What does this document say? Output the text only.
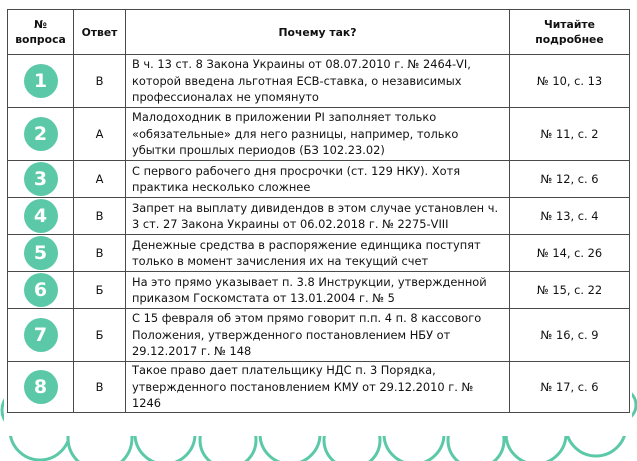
№ вопроса	Ответ	Почему так?	Читайте подробнее
1	В	В ч. 13 ст. 8 Закона Украины от 08.07.2010 г. № 2464-VI, которой введена льготная ЕСВ-ставка, о независимых профессионалах не упомянуто	№ 10, с. 13
2	А	Малодоходник в приложении РІ заполняет только «обязательные» для него разницы, например, только убытки прошлых периодов (БЗ 102.23.02)	№ 11, с. 2
3	А	С первого рабочего дня просрочки (ст. 129 НКУ). Хотя практика несколько сложнее	№ 12, с. 6
4	В	Запрет на выплату дивидендов в этом случае установлен ч. 3 ст. 27 Закона Украины от 06.02.2018 г. № 2275-VIII	№ 13, с. 4
5	В	Денежные средства в распоряжение единщика поступят только в момент зачисления их на текущий счет	№ 14, с. 26
6	Б	На это прямо указывает п. 3.8 Инструкции, утвержденной приказом Госкомстата от 13.01.2004 г. № 5	№ 15, с. 22
7	Б	С 15 февраля об этом прямо говорит п.п. 4 п. 8 кассового Положения, утвержденного постановлением НБУ от 29.12.2017 г. № 148	№ 16, с. 9
8	В	Такое право дает плательщику НДС п. 3 Порядка, утвержденного постановлением КМУ от 29.12.2010 г. № 1246	№ 17, с. 6
